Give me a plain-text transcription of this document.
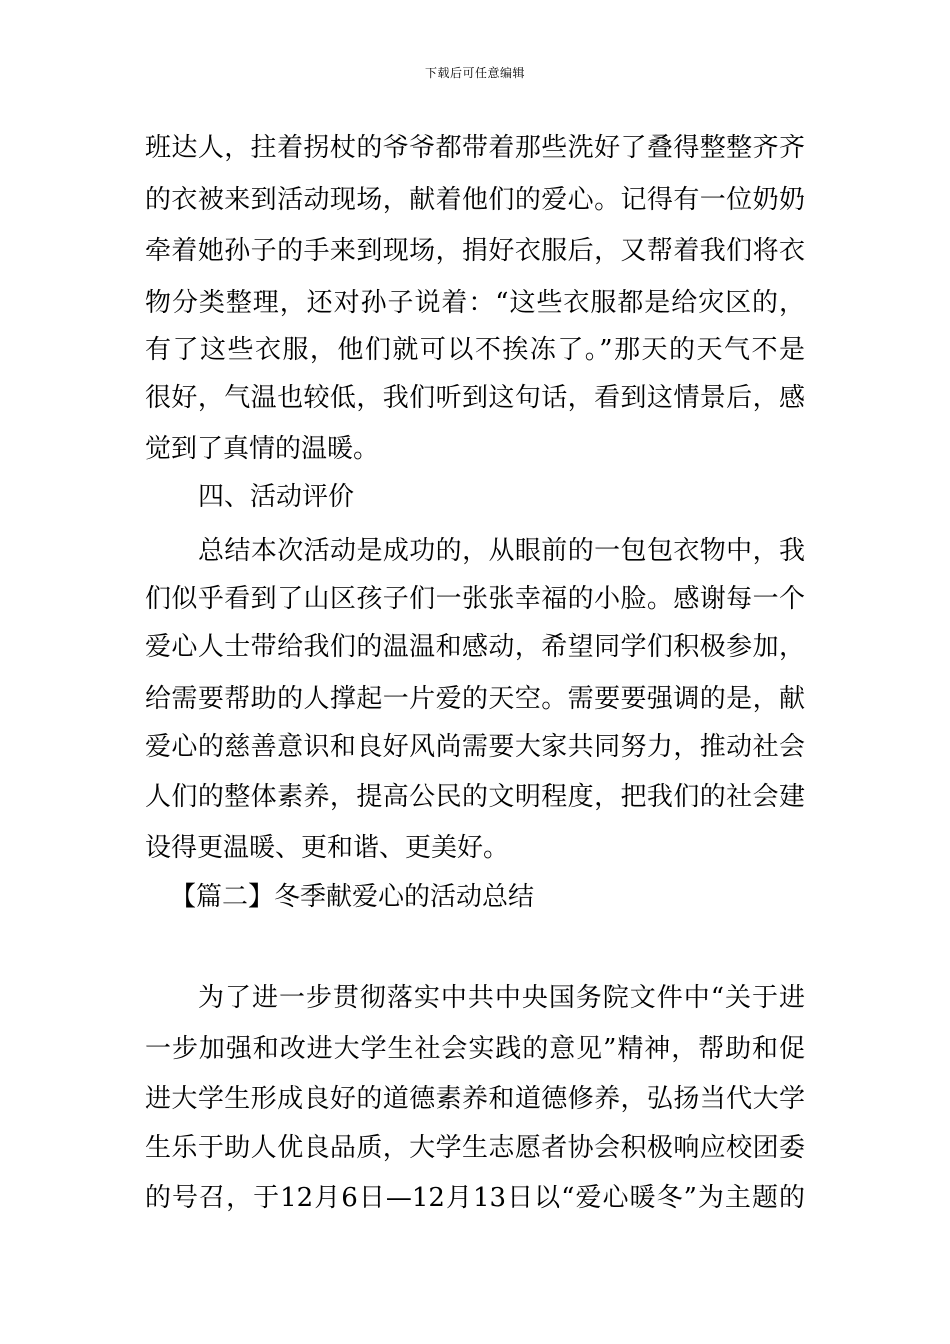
下载后可任意编辑
班达人，拄着拐杖的爷爷都带着那些洗好了叠得整整齐齐
的衣被来到活动现场，献着他们的爱心。记得有一位奶奶
牵着她孙子的手来到现场，捐好衣服后，又帮着我们将衣
物分类整理，还对孙子说着：“这些衣服都是给灾区的，
有了这些衣服，他们就可以不挨冻了。”那天的天气不是
很好，气温也较低，我们听到这句话，看到这情景后，感
觉到了真情的温暖。
四、活动评价
总结本次活动是成功的，从眼前的一包包衣物中，我
们似乎看到了山区孩子们一张张幸福的小脸。感谢每一个
爱心人士带给我们的温温和感动，希望同学们积极参加，
给需要帮助的人撑起一片爱的天空。需要要强调的是，献
爱心的慈善意识和良好风尚需要大家共同努力，推动社会
人们的整体素养，提高公民的文明程度，把我们的社会建
设得更温暖、更和谐、更美好。
【篇二】冬季献爱心的活动总结
为了进一步贯彻落实中共中央国务院文件中“关于进
一步加强和改进大学生社会实践的意见”精神，帮助和促
进大学生形成良好的道德素养和道德修养，弘扬当代大学
生乐于助人优良品质，大学生志愿者协会积极响应校团委
的号召，于12月6日—12月13日以“爱心暖冬”为主题的
